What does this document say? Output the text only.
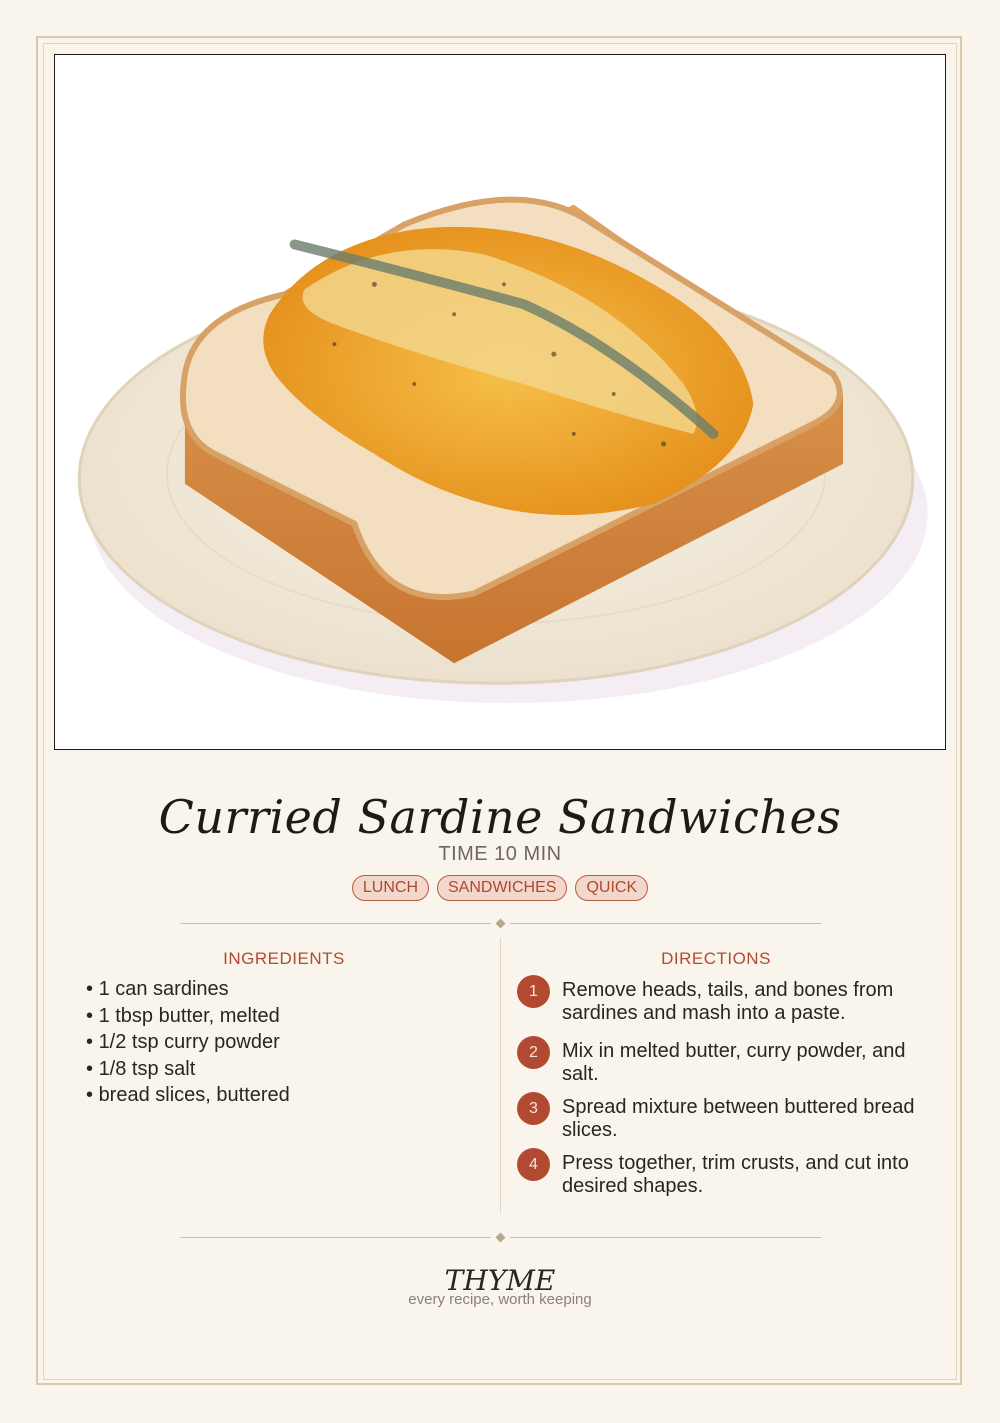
Curried Sardine Sandwiches
TIME 10 MIN
LUNCH SANDWICHES QUICK
INGREDIENTS
• 1 can sardines
• 1 tbsp butter, melted
• 1/2 tsp curry powder
• 1/8 tsp salt
• bread slices, buttered
DIRECTIONS
1	Remove heads, tails, and bones from sardines and mash into a paste.
2	Mix in melted butter, curry powder, and salt.
3	Spread mixture between buttered bread slices.
4	Press together, trim crusts, and cut into desired shapes.
THYME
every recipe, worth keeping
